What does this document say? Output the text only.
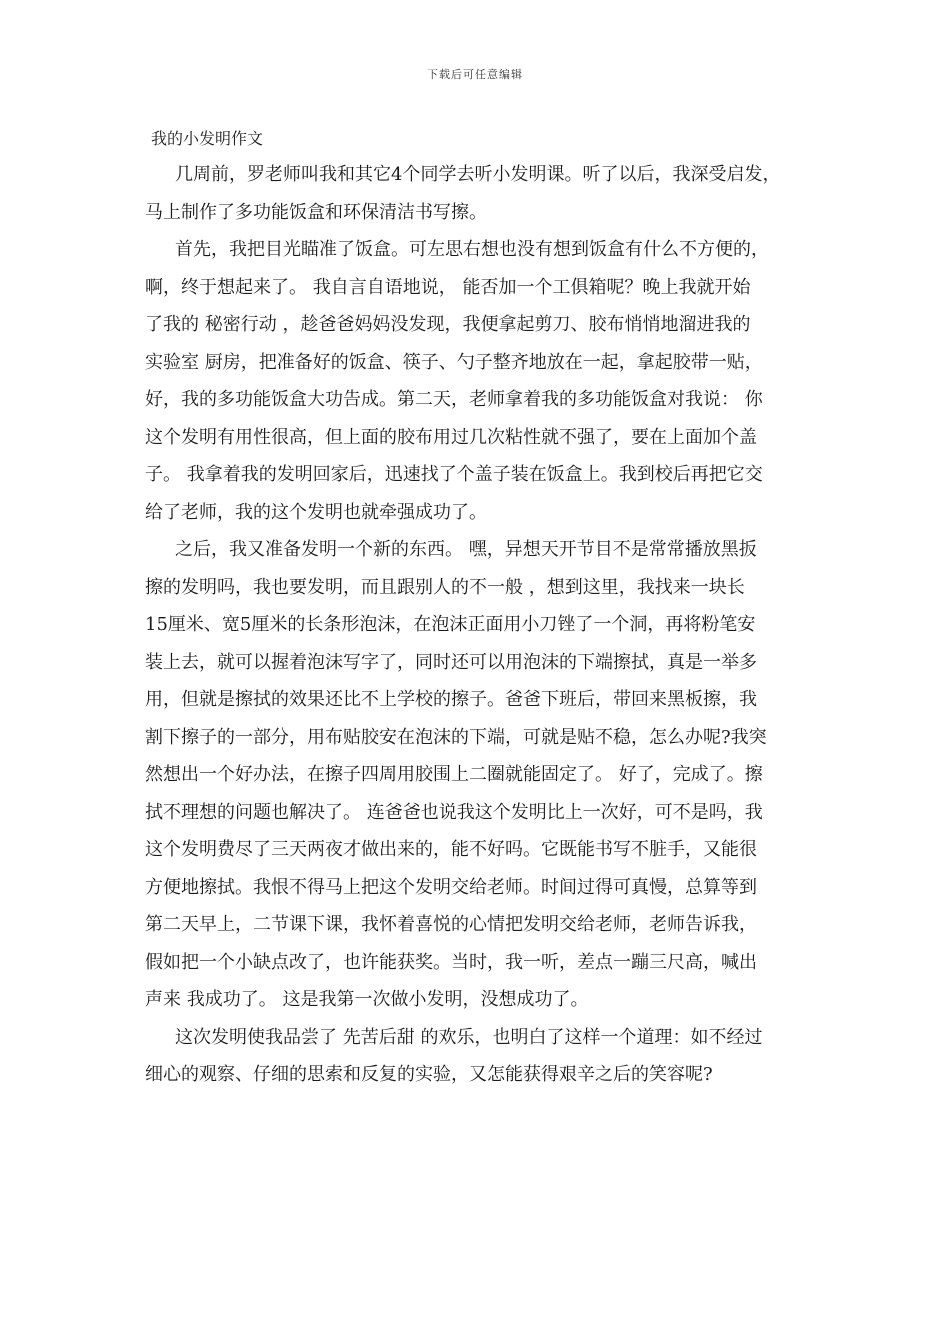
下载后可任意编辑
我的小发明作文
几周前，罗老师叫我和其它4个同学去听小发明课。听了以后，我深受启发，
马上制作了多功能饭盒和环保清洁书写擦。
首先，我把目光瞄准了饭盒。可左思右想也没有想到饭盒有什么不方便的，
啊，终于想起来了。 我自言自语地说， 能否加一个工俱箱呢？晚上我就开始
了我的 秘密行动 ，趁爸爸妈妈没发现，我便拿起剪刀、胶布悄悄地溜进我的
实验室 厨房，把准备好的饭盒、筷子、勺子整齐地放在一起，拿起胶带一贴，
好，我的多功能饭盒大功告成。第二天，老师拿着我的多功能饭盒对我说： 你
这个发明有用性很高，但上面的胶布用过几次粘性就不强了，要在上面加个盖
子。 我拿着我的发明回家后，迅速找了个盖子装在饭盒上。我到校后再把它交
给了老师，我的这个发明也就牵强成功了。
之后，我又准备发明一个新的东西。 嘿，异想天开节目不是常常播放黑扳
擦的发明吗，我也要发明，而且跟别人的不一般 ，想到这里，我找来一块长
15厘米、宽5厘米的长条形泡沫，在泡沫正面用小刀锉了一个洞，再将粉笔安
装上去，就可以握着泡沫写字了，同时还可以用泡沫的下端擦拭，真是一举多
用，但就是擦拭的效果还比不上学校的擦子。爸爸下班后，带回来黑板擦，我
割下擦子的一部分，用布贴胶安在泡沫的下端，可就是贴不稳，怎么办呢?我突
然想出一个好办法，在擦子四周用胶围上二圈就能固定了。 好了，完成了。擦
拭不理想的问题也解决了。 连爸爸也说我这个发明比上一次好，可不是吗，我
这个发明费尽了三天两夜才做出来的，能不好吗。它既能书写不脏手，又能很
方便地擦拭。我恨不得马上把这个发明交给老师。时间过得可真慢，总算等到
第二天早上，二节课下课，我怀着喜悦的心情把发明交给老师，老师告诉我，
假如把一个小缺点改了，也许能获奖。当时，我一听，差点一蹦三尺高，喊出
声来 我成功了。 这是我第一次做小发明，没想成功了。
这次发明使我品尝了 先苦后甜 的欢乐，也明白了这样一个道理：如不经过
细心的观察、仔细的思索和反复的实验，又怎能获得艰辛之后的笑容呢?
